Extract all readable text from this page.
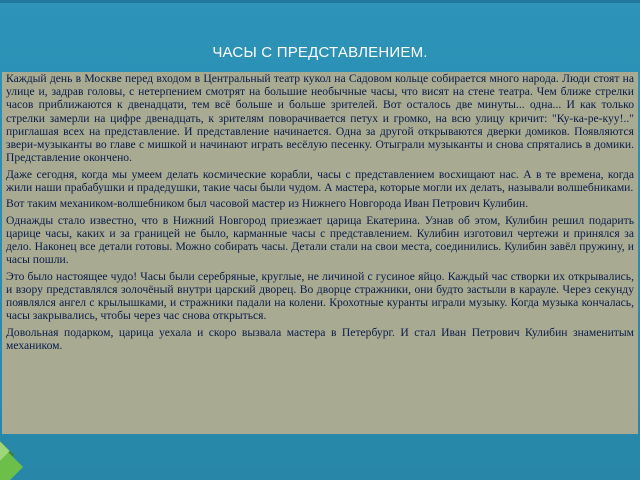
ЧАСЫ С ПРЕДСТАВЛЕНИЕМ.

Каждый день в Москве перед входом в Центральный театр кукол на Садовом кольце собирается много народа. Люди стоят на улице и, задрав головы, с нетерпением смотрят на большие необычные часы, что висят на стене театра. Чем ближе стрелки часов приближаются к двенадцати, тем всё больше и больше зрителей. Вот осталось две минуты... одна... И как только стрелки замерли на цифре двенадцать, к зрителям поворачивается петух и громко, на всю улицу кричит: "Ку-ка-ре-куу!.." приглашая всех на представление. И представление начинается. Одна за другой открываются дверки домиков. Появляются звери-музыканты во главе с мишкой и начинают играть весёлую песенку. Отыграли музыканты и снова спрятались в домики. Представление окончено.

Даже сегодня, когда мы умеем делать космические корабли, часы с представлением восхищают нас. А в те времена, когда жили наши прабабушки и прадедушки, такие часы были чудом. А мастера, которые могли их делать, называли волшебниками.

Вот таким механиком-волшебником был часовой мастер из Нижнего Новгорода Иван Петрович Кулибин.

Однажды стало известно, что в Нижний Новгород приезжает царица Екатерина. Узнав об этом, Кулибин решил подарить царице часы, каких и за границей не было, карманные часы с представлением. Кулибин изготовил чертежи и принялся за дело. Наконец все детали готовы. Можно собирать часы. Детали стали на свои места, соединились. Кулибин завёл пружину, и часы пошли.

Это было настоящее чудо! Часы были серебряные, круглые, не личиной с гусиное яйцо. Каждый час створки их открывались, и взору представлялся золочёный внутри царский дворец. Во дворце стражники, они будто застыли в карауле. Через секунду появлялся ангел с крылышками, и стражники падали на колени. Крохотные куранты играли музыку. Когда музыка кончалась, часы закрывались, чтобы через час снова открыться.

Довольная подарком, царица уехала и скоро вызвала мастера в Петербург. И стал Иван Петрович Кулибин знаменитым механиком.
